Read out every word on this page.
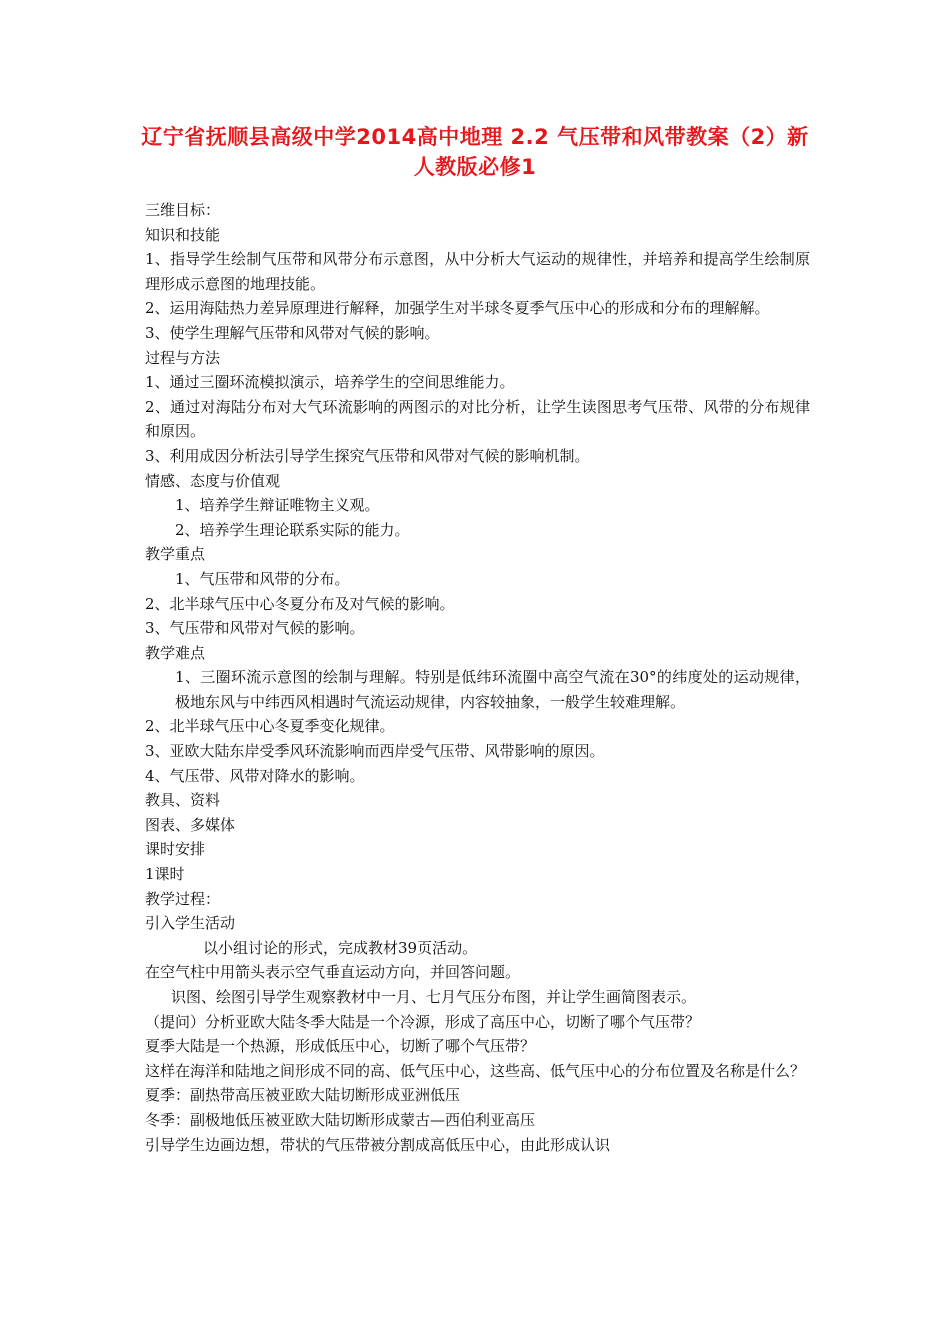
辽宁省抚顺县高级中学2014高中地理 2.2 气压带和风带教案（2）新人教版必修1

三维目标：

知识和技能

1、指导学生绘制气压带和风带分布示意图，从中分析大气运动的规律性，并培养和提高学生绘制原理形成示意图的地理技能。

2、运用海陆热力差异原理进行解释，加强学生对半球冬夏季气压中心的形成和分布的理解解。

3、使学生理解气压带和风带对气候的影响。

过程与方法

1、通过三圈环流模拟演示，培养学生的空间思维能力。

2、通过对海陆分布对大气环流影响的两图示的对比分析，让学生读图思考气压带、风带的分布规律和原因。

3、利用成因分析法引导学生探究气压带和风带对气候的影响机制。

情感、态度与价值观

1、培养学生辩证唯物主义观。

2、培养学生理论联系实际的能力。

教学重点

1、气压带和风带的分布。

2、北半球气压中心冬夏分布及对气候的影响。

3、气压带和风带对气候的影响。

教学难点

1、三圈环流示意图的绘制与理解。特别是低纬环流圈中高空气流在30°的纬度处的运动规律，极地东风与中纬西风相遇时气流运动规律，内容较抽象，一般学生较难理解。

2、北半球气压中心冬夏季变化规律。

3、亚欧大陆东岸受季风环流影响而西岸受气压带、风带影响的原因。

4、气压带、风带对降水的影响。

教具、资料

图表、多媒体

课时安排

1课时

教学过程：

引入学生活动

以小组讨论的形式，完成教材39页活动。

在空气柱中用箭头表示空气垂直运动方向，并回答问题。

识图、绘图引导学生观察教材中一月、七月气压分布图，并让学生画简图表示。

（提问）分析亚欧大陆冬季大陆是一个冷源，形成了高压中心，切断了哪个气压带？

夏季大陆是一个热源，形成低压中心，切断了哪个气压带？

这样在海洋和陆地之间形成不同的高、低气压中心，这些高、低气压中心的分布位置及名称是什么？

夏季：副热带高压被亚欧大陆切断形成亚洲低压

冬季：副极地低压被亚欧大陆切断形成蒙古—西伯利亚高压

引导学生边画边想，带状的气压带被分割成高低压中心，由此形成认识
